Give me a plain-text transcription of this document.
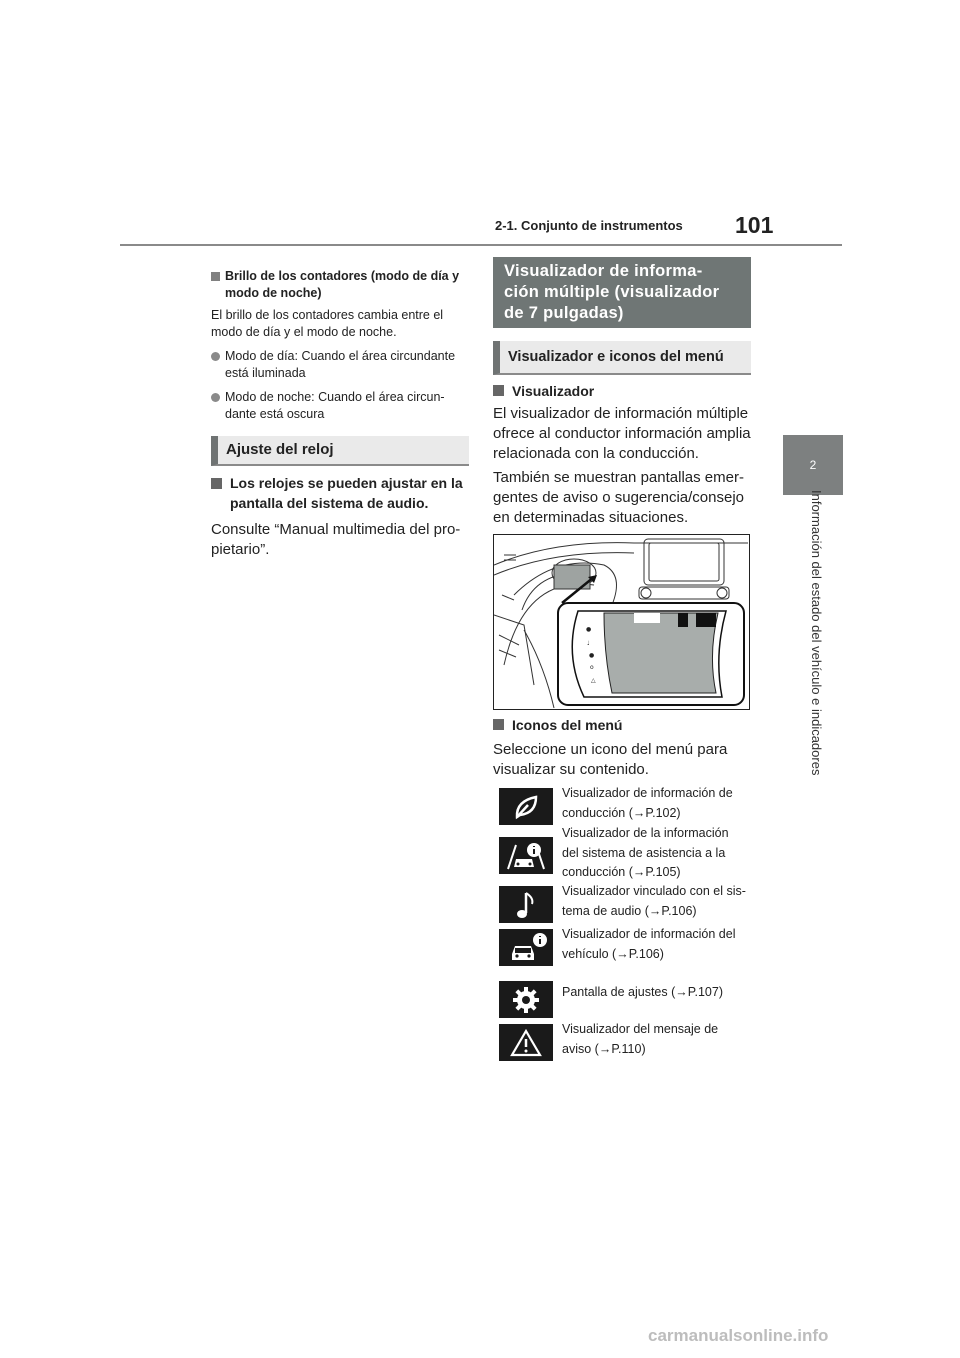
2-1. Conjunto de instrumentos 101
2
Información del estado del vehículo e indicadores
Brillo de los contadores (modo de día y modo de noche)
El brillo de los contadores cambia entre el modo de día y el modo de noche.
Modo de día: Cuando el área circundante está iluminada
Modo de noche: Cuando el área circun-dante está oscura
Ajuste del reloj
Los relojes se pueden ajustar en la pantalla del sistema de audio.
Consulte “Manual multimedia del pro-pietario”.
Visualizador de informa-
ción múltiple (visualizador
de 7 pulgadas)
Visualizador e iconos del menú
Visualizador
El visualizador de información múltiple ofrece al conductor información amplia relacionada con la conducción.
También se muestran pantallas emer-gentes de aviso o sugerencia/consejo en determinadas situaciones.
●
♩
●
o
△
Iconos del menú
Seleccione un icono del menú para visualizar su contenido.
Visualizador de información de
conducción (→P.102)
Visualizador de la información
del sistema de asistencia a la
conducción (→P.105)
Visualizador vinculado con el sis-
tema de audio (→P.106)
Visualizador de información del
vehículo (→P.106)
Pantalla de ajustes (→P.107)
Visualizador del mensaje de
aviso (→P.110)
carmanualsonline.info
